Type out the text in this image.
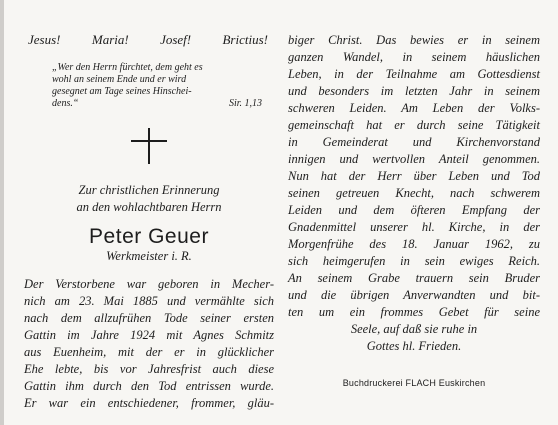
Jesus! Maria! Josef! Brictius!
„Wer den Herrn fürchtet, dem geht es
wohl an seinem Ende und er wird
gesegnet am Tage seines Hinschei-
dens.“	Sir. 1,13
Zur christlichen Erinnerung
an den wohlachtbaren Herrn
Peter Geuer
Werkmeister i. R.
Der Verstorbene war geboren in Mecher-
nich am 23. Mai 1885 und vermählte sich
nach dem allzufrühen Tode seiner ersten
Gattin im Jahre 1924 mit Agnes Schmitz
aus Euenheim, mit der er in glücklicher
Ehe lebte, bis vor Jahresfrist auch diese
Gattin ihm durch den Tod entrissen wurde.
Er war ein entschiedener, frommer, gläu-
biger Christ. Das bewies er in seinem
ganzen Wandel, in seinem häuslichen
Leben, in der Teilnahme am Gottesdienst
und besonders im letzten Jahr in seinem
schweren Leiden. Am Leben der Volks-
gemeinschaft hat er durch seine Tätigkeit
in Gemeinderat und Kirchenvorstand
innigen und wertvollen Anteil genommen.
Nun hat der Herr über Leben und Tod
seinen getreuen Knecht, nach schwerem
Leiden und dem öfteren Empfang der
Gnadenmittel unserer hl. Kirche, in der
Morgenfrühe des 18. Januar 1962, zu
sich heimgerufen in sein ewiges Reich.
An seinem Grabe trauern sein Bruder
und die übrigen Anverwandten und bit-
ten um ein frommes Gebet für seine
Seele, auf daß sie ruhe in
Gottes hl. Frieden.
Buchdruckerei FLACH Euskirchen
